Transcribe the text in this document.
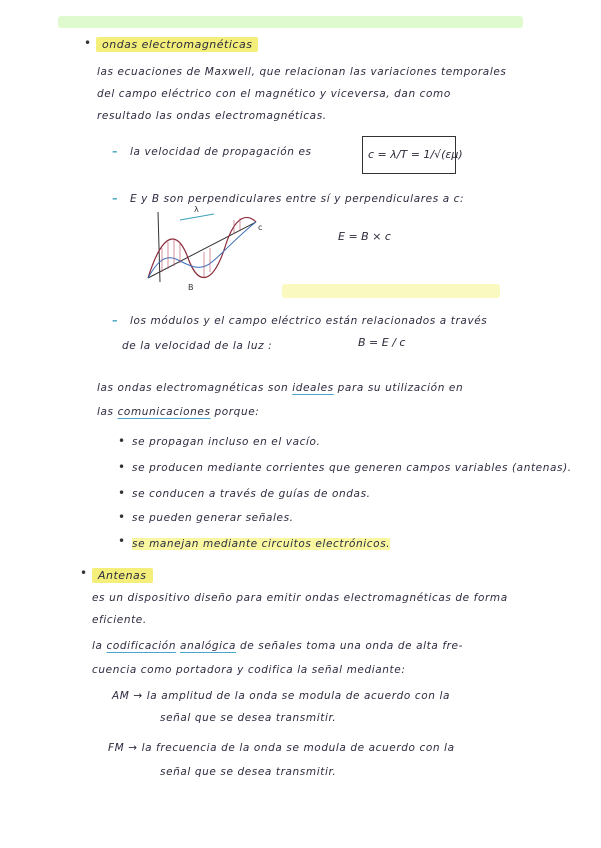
• ondas electromagnéticas
las ecuaciones de Maxwell, que relacionan las variaciones temporales
del campo eléctrico con el magnético y viceversa, dan como
resultado las ondas electromagnéticas.
– la velocidad de propagación es	c = λ/T = 1/√(εμ)
– E y B son perpendiculares entre sí y perpendiculares a c:
λ
c
B
E = B × c
– los módulos y el campo eléctrico están relacionados a través
de la velocidad de la luz :	B = E / c
las ondas electromagnéticas son ideales para su utilización en
las comunicaciones porque:
• se propagan incluso en el vacío.
• se producen mediante corrientes que generen campos variables (antenas).
• se conducen a través de guías de ondas.
• se pueden generar señales.
• se manejan mediante circuitos electrónicos.
• Antenas
es un dispositivo diseño para emitir ondas electromagnéticas de forma
eficiente.
la codificación analógica de señales toma una onda de alta fre-
cuencia como portadora y codifica la señal mediante:
AM → la amplitud de la onda se modula de acuerdo con la
señal que se desea transmitir.
FM → la frecuencia de la onda se modula de acuerdo con la
señal que se desea transmitir.
